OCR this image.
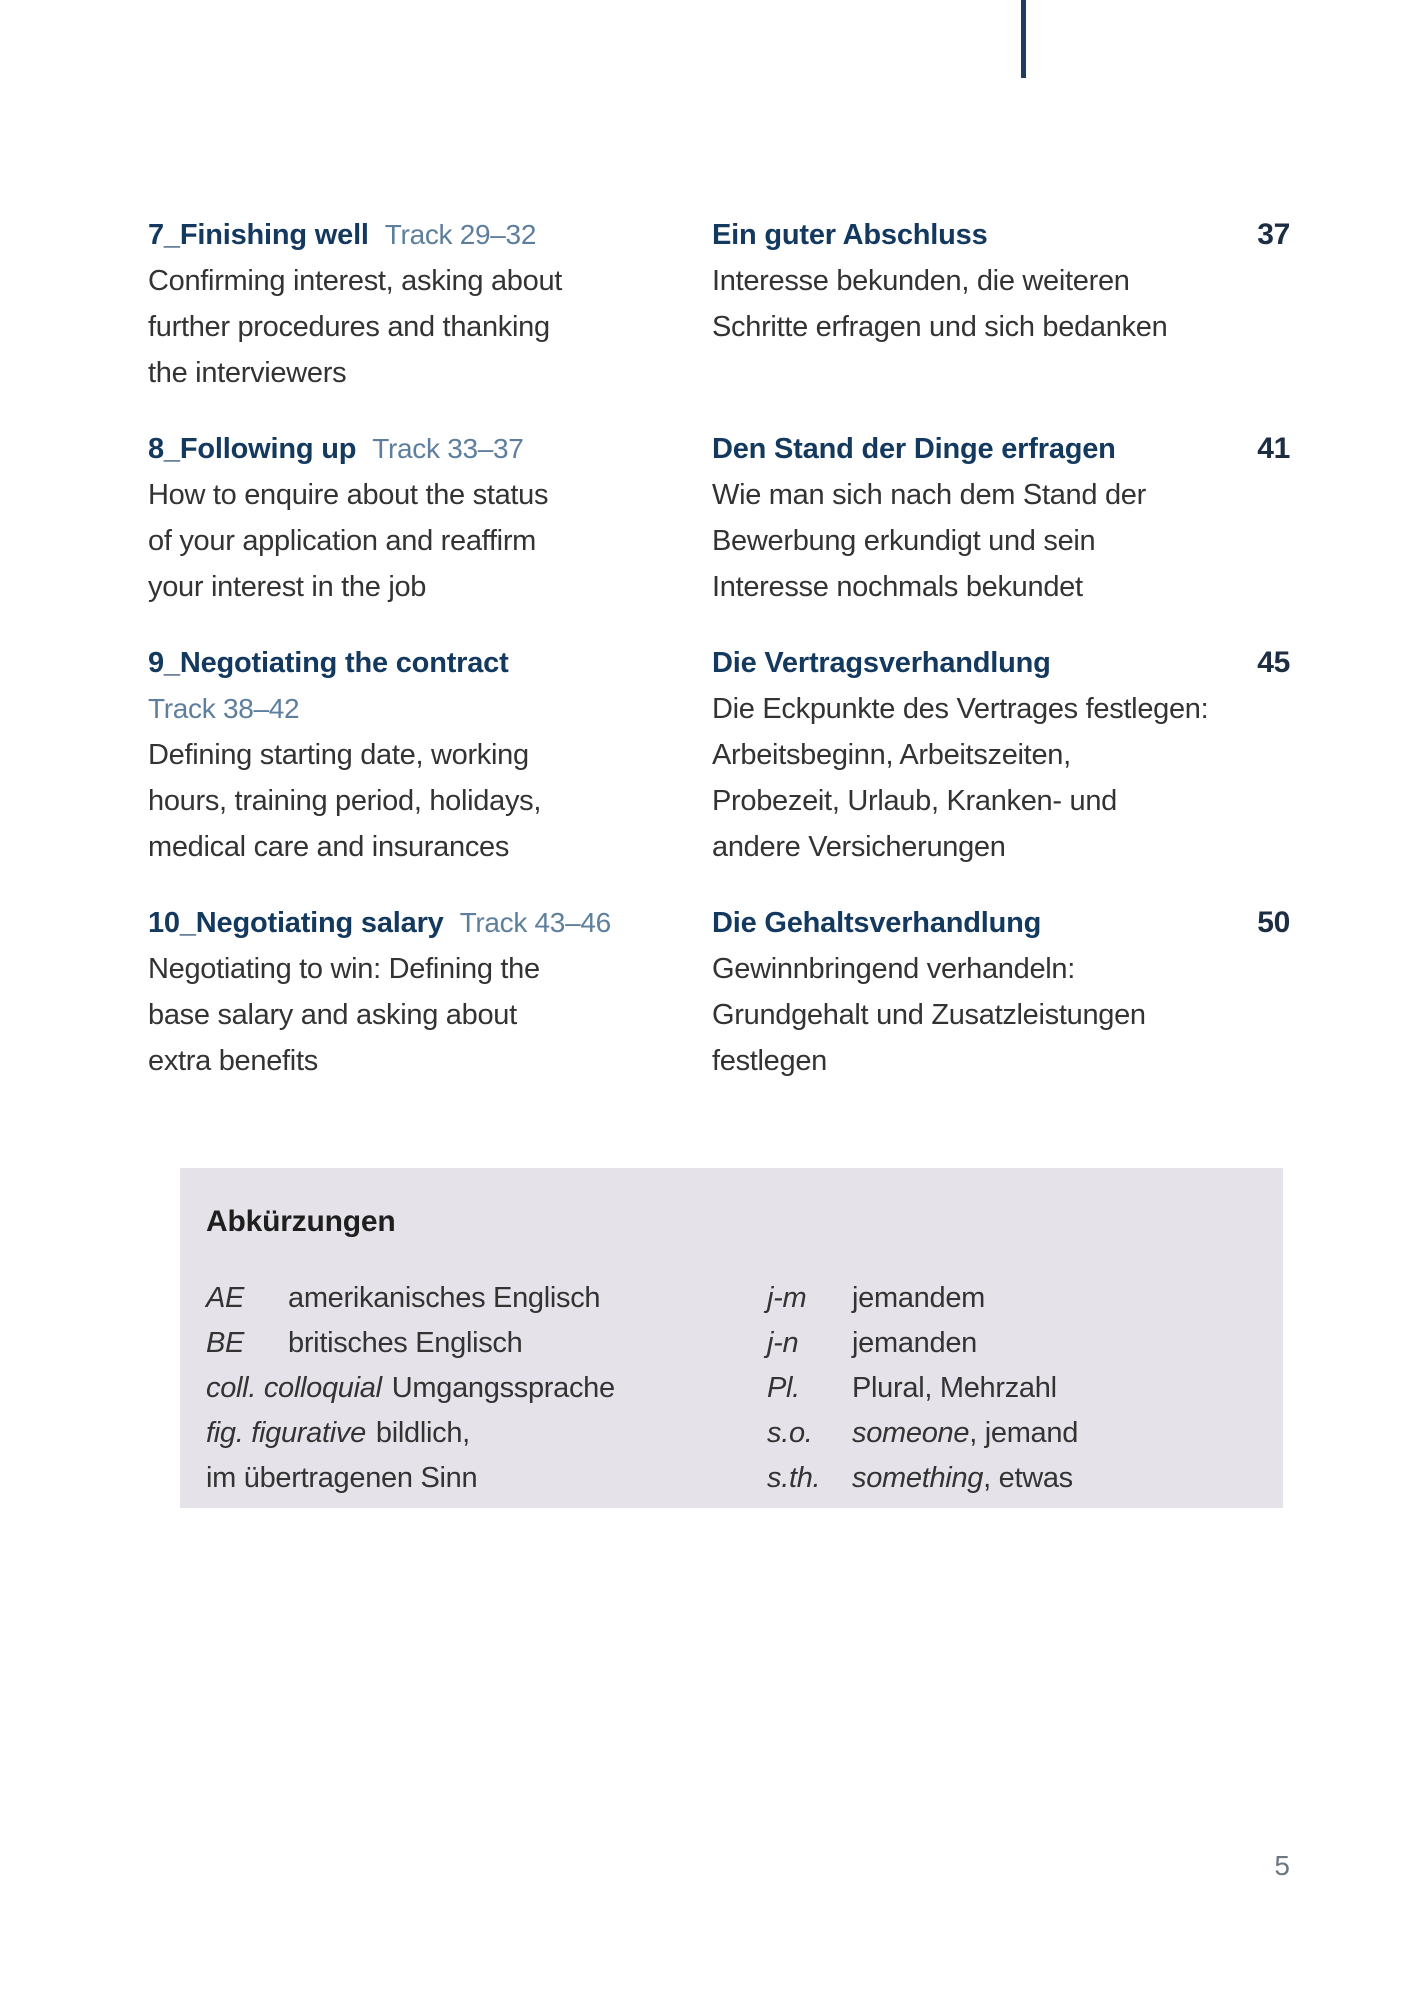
7_Finishing well Track 29–32
Confirming interest, asking about
further procedures and thanking
the interviewers
Ein guter Abschluss
Interesse bekunden, die weiteren
Schritte erfragen und sich bedanken
37
8_Following up Track 33–37
How to enquire about the status
of your application and reaffirm
your interest in the job
Den Stand der Dinge erfragen
Wie man sich nach dem Stand der
Bewerbung erkundigt und sein
Interesse nochmals bekundet
41
9_Negotiating the contract
Track 38–42
Defining starting date, working
hours, training period, holidays,
medical care and insurances
Die Vertragsverhandlung
Die Eckpunkte des Vertrages festlegen:
Arbeitsbeginn, Arbeitszeiten,
Probezeit, Urlaub, Kranken- und
andere Versicherungen
45
10_Negotiating salary Track 43–46
Negotiating to win: Defining the
base salary and asking about
extra benefits
Die Gehaltsverhandlung
Gewinnbringend verhandeln:
Grundgehalt und Zusatzleistungen
festlegen
50
Abkürzungen
AE amerikanisches Englisch
BE britisches Englisch
coll. colloquial Umgangssprache
fig. figurative bildlich,
im übertragenen Sinn
j-m jemandem
j-n jemanden
Pl. Plural, Mehrzahl
s.o. someone, jemand
s.th. something, etwas
5
